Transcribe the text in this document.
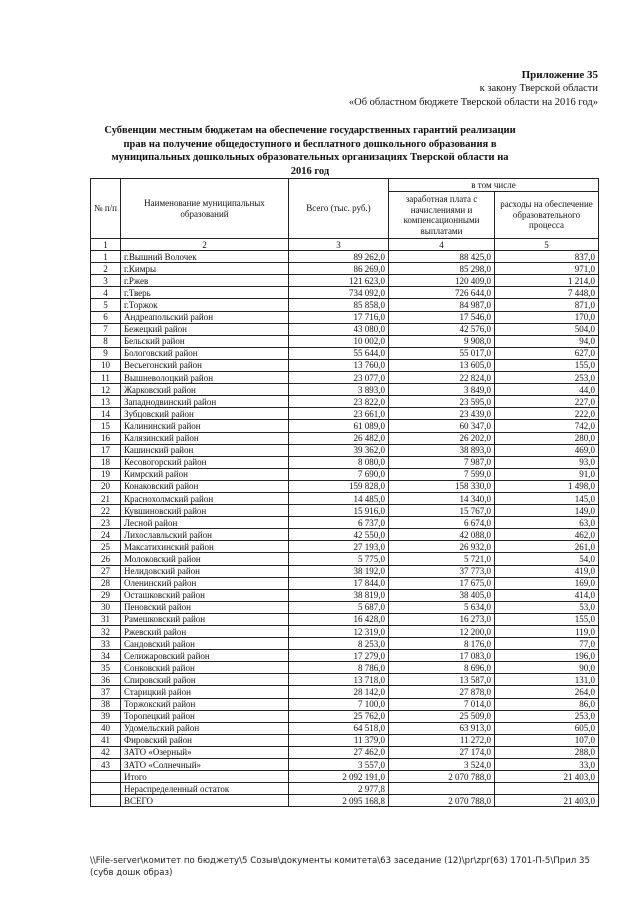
Приложение 35
к закону Тверской области
«Об областном бюджете Тверской области на 2016 год»
Субвенции местным бюджетам на обеспечение государственных гарантий реализации прав на получение общедоступного и бесплатного дошкольного образования в муниципальных дошкольных образовательных организациях Тверской области на 2016 год
№ п/п	Наименование муниципальных образований	Всего (тыс. руб.)	в том числе	
			заработная плата с начислениями и компенсационными выплатами	расходы на обеспечение образовательного процесса
1	2	3	4	5
1	г.Вышний Волочек	89 262,0	88 425,0	837,0
2	г.Кимры	86 269,0	85 298,0	971,0
3	г.Ржев	121 623,0	120 409,0	1 214,0
4	г.Тверь	734 092,0	726 644,0	7 448,0
5	г.Торжок	85 858,0	84 987,0	871,0
6	Андреапольский район	17 716,0	17 546,0	170,0
7	Бежецкий район	43 080,0	42 576,0	504,0
8	Бельский район	10 002,0	9 908,0	94,0
9	Бологовский район	55 644,0	55 017,0	627,0
10	Весьегонский район	13 760,0	13 605,0	155,0
11	Вышневолоцкий район	23 077,0	22 824,0	253,0
12	Жарковский район	3 893,0	3 849,0	44,0
13	Западнодвинский район	23 822,0	23 595,0	227,0
14	Зубцовский район	23 661,0	23 439,0	222,0
15	Калининский район	61 089,0	60 347,0	742,0
16	Калязинский район	26 482,0	26 202,0	280,0
17	Кашинский район	39 362,0	38 893,0	469,0
18	Кесовогорский район	8 080,0	7 987,0	93,0
19	Кимрский район	7 690,0	7 599,0	91,0
20	Конаковский район	159 828,0	158 330,0	1 498,0
21	Краснохолмский район	14 485,0	14 340,0	145,0
22	Кувшиновский район	15 916,0	15 767,0	149,0
23	Лесной район	6 737,0	6 674,0	63,0
24	Лихославльский район	42 550,0	42 088,0	462,0
25	Максатихинский район	27 193,0	26 932,0	261,0
26	Молоковский район	5 775,0	5 721,0	54,0
27	Нелидовский район	38 192,0	37 773,0	419,0
28	Оленинский район	17 844,0	17 675,0	169,0
29	Осташковский район	38 819,0	38 405,0	414,0
30	Пеновский район	5 687,0	5 634,0	53,0
31	Рамешковский район	16 428,0	16 273,0	155,0
32	Ржевский район	12 319,0	12 200,0	119,0
33	Сандовский район	8 253,0	8 176,0	77,0
34	Селижаровский район	17 279,0	17 083,0	196,0
35	Сонковский район	8 786,0	8 696,0	90,0
36	Спировский район	13 718,0	13 587,0	131,0
37	Старицкий район	28 142,0	27 878,0	264,0
38	Торжокский район	7 100,0	7 014,0	86,0
39	Торопецкий район	25 762,0	25 509,0	253,0
40	Удомельский район	64 518,0	63 913,0	605,0
41	Фировский район	11 379,0	11 272,0	107,0
42	ЗАТО «Озерный»	27 462,0	27 174,0	288,0
43	ЗАТО «Солнечный»	3 557,0	3 524,0	33,0
	Итого	2 092 191,0	2 070 788,0	21 403,0
	Нераспределенный остаток	2 977,8		
	ВСЕГО	2 095 168,8	2 070 788,0	21 403,0
\\File-server\комитет по бюджету\5 Созыв\документы комитета\63 заседание (12)\pr\zpr(63) 1701-П-5\Прил 35 (субв дошк образ)
